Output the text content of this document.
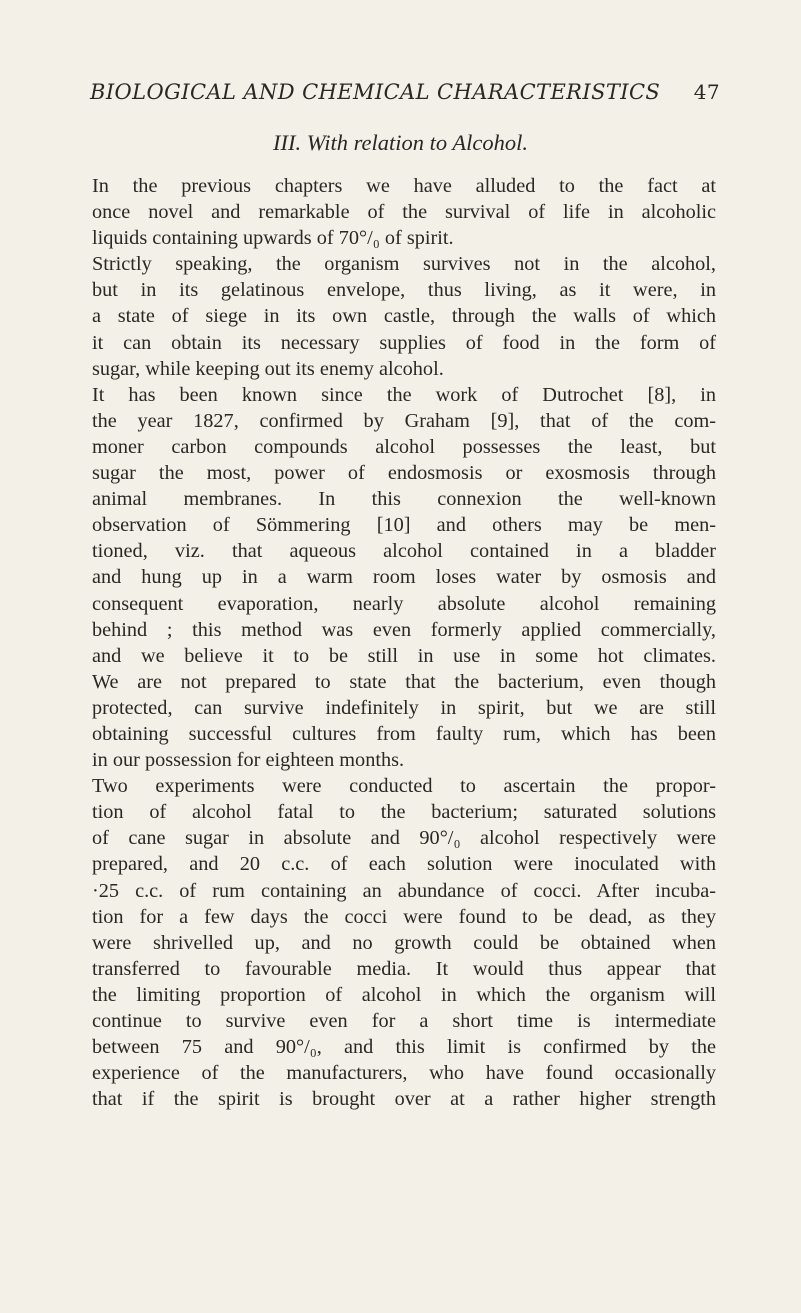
BIOLOGICAL AND CHEMICAL CHARACTERISTICS 47
III. With relation to Alcohol.
In the previous chapters we have alluded to the fact at
once novel and remarkable of the survival of life in alcoholic
liquids containing upwards of 70°/₀ of spirit.
Strictly speaking, the organism survives not in the alcohol,
but in its gelatinous envelope, thus living, as it were, in
a state of siege in its own castle, through the walls of which
it can obtain its necessary supplies of food in the form of
sugar, while keeping out its enemy alcohol.
It has been known since the work of Dutrochet [8], in
the year 1827, confirmed by Graham [9], that of the com-
moner carbon compounds alcohol possesses the least, but
sugar the most, power of endosmosis or exosmosis through
animal membranes. In this connexion the well-known
observation of Sömmering [10] and others may be men-
tioned, viz. that aqueous alcohol contained in a bladder
and hung up in a warm room loses water by osmosis and
consequent evaporation, nearly absolute alcohol remaining
behind ; this method was even formerly applied commercially,
and we believe it to be still in use in some hot climates.
We are not prepared to state that the bacterium, even though
protected, can survive indefinitely in spirit, but we are still
obtaining successful cultures from faulty rum, which has been
in our possession for eighteen months.
Two experiments were conducted to ascertain the propor-
tion of alcohol fatal to the bacterium; saturated solutions
of cane sugar in absolute and 90°/₀ alcohol respectively were
prepared, and 20 c.c. of each solution were inoculated with
·25 c.c. of rum containing an abundance of cocci. After incuba-
tion for a few days the cocci were found to be dead, as they
were shrivelled up, and no growth could be obtained when
transferred to favourable media. It would thus appear that
the limiting proportion of alcohol in which the organism will
continue to survive even for a short time is intermediate
between 75 and 90°/₀, and this limit is confirmed by the
experience of the manufacturers, who have found occasionally
that if the spirit is brought over at a rather higher strength
